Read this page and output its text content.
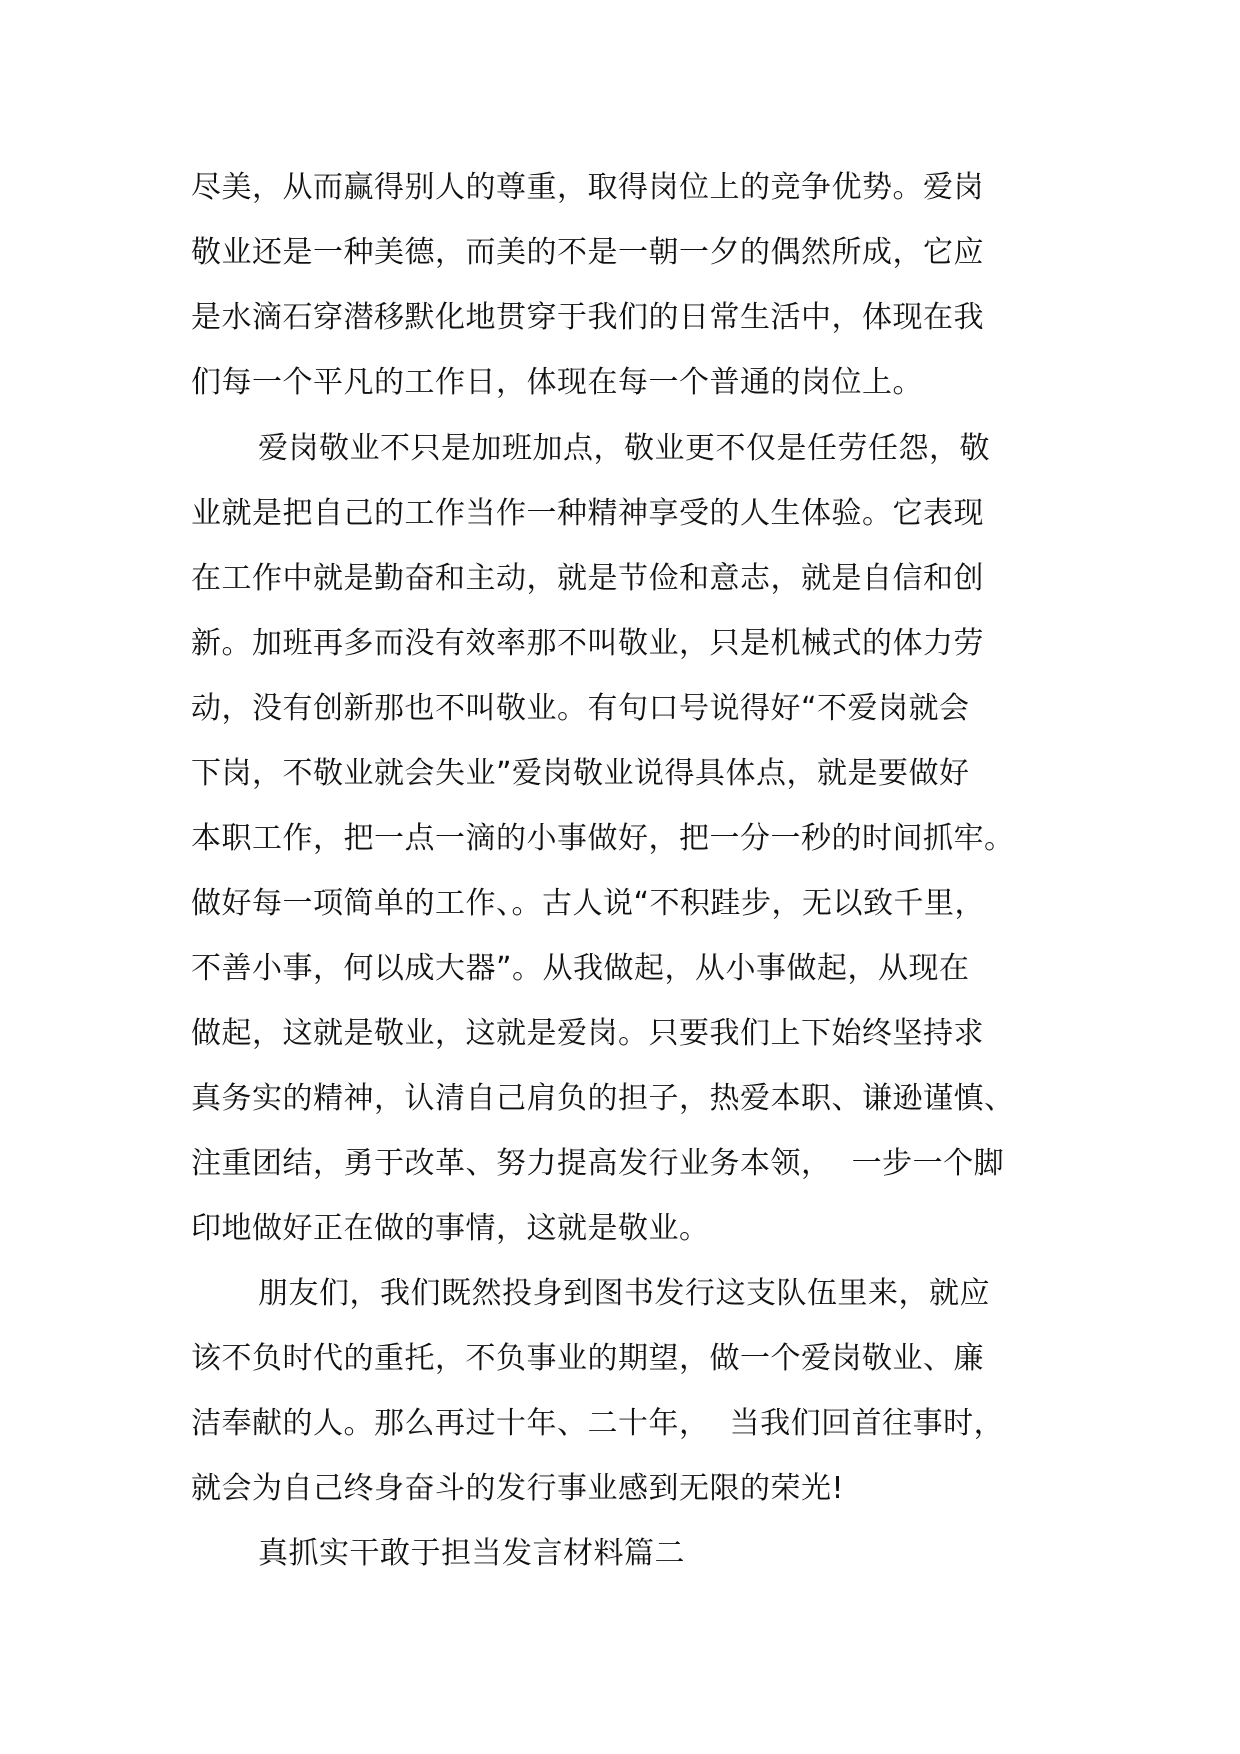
尽美，从而赢得别人的尊重，取得岗位上的竞争优势。爱岗
敬业还是一种美德，而美的不是一朝一夕的偶然所成，它应
是水滴石穿潜移默化地贯穿于我们的日常生活中，体现在我
们每一个平凡的工作日，体现在每一个普通的岗位上。
爱岗敬业不只是加班加点，敬业更不仅是任劳任怨，敬
业就是把自己的工作当作一种精神享受的人生体验。它表现
在工作中就是勤奋和主动，就是节俭和意志，就是自信和创
新。加班再多而没有效率那不叫敬业，只是机械式的体力劳
动，没有创新那也不叫敬业。有句口号说得好“不爱岗就会
下岗，不敬业就会失业”爱岗敬业说得具体点，就是要做好
本职工作，把一点一滴的小事做好，把一分一秒的时间抓牢。
做好每一项简单的工作、。古人说“不积跬步，无以致千里，
不善小事，何以成大器”。从我做起，从小事做起，从现在
做起，这就是敬业，这就是爱岗。只要我们上下始终坚持求
真务实的精神，认清自己肩负的担子，热爱本职、谦逊谨慎、
注重团结，勇于改革、努力提高发行业务本领，  一步一个脚
印地做好正在做的事情，这就是敬业。
朋友们，我们既然投身到图书发行这支队伍里来，就应
该不负时代的重托，不负事业的期望，做一个爱岗敬业、廉
洁奉献的人。那么再过十年、二十年，  当我们回首往事时，
就会为自己终身奋斗的发行事业感到无限的荣光!
真抓实干敢于担当发言材料篇二
